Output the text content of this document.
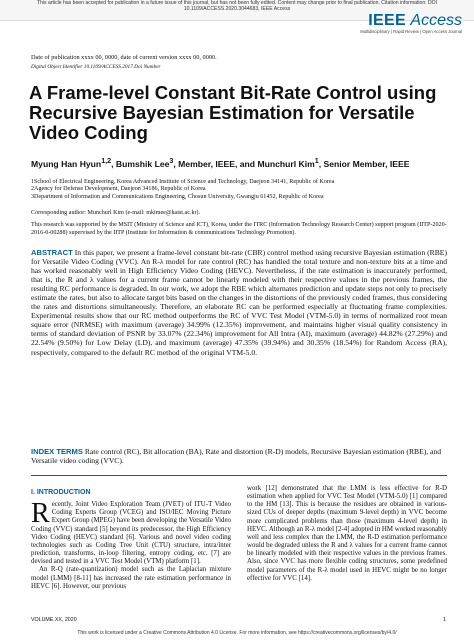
This article has been accepted for publication in a future issue of this journal, but has not been fully edited. Content may change prior to final publication. Citation information: DOI
10.1109/ACCESS.2020.3044683, IEEE Access
IEEE Access
Multidisciplinary | Rapid Review | Open Access Journal
Date of publication xxxx 00, 0000, date of current version xxxx 00, 0000.
Digital Object Identifier 10.1109/ACCESS.2017.Doi Number
A Frame-level Constant Bit-Rate Control using Recursive Bayesian Estimation for Versatile Video Coding
Myung Han Hyun$^{1,2}$, Bumshik Lee$^3$, Member, IEEE, and Munchurl Kim$^1$, Senior Member, IEEE
1School of Electrical Engineering, Korea Advanced Institute of Science and Technology, Daejeon 34141, Republic of Korea
2Agency for Defense Development, Daejeon 34186, Republic of Korea
3Department of Information and Communications Engineering, Chosun University, Gwangju 61452, Republic of Korea
Corresponding author: Munchurl Kim (e-mail: mkimee@kaist.ac.kr).
This research was supported by the MSIT (Ministry of Science and ICT), Korea, under the ITRC (Information Technology Research Center) support program (IITP-2020-2016-0-00288) supervised by the IITP (Institute for Information & communications Technology Promotion).
ABSTRACT In this paper, we present a frame-level constant bit-rate (CBR) control method using recursive Bayesian estimation (RBE) for Versatile Video Coding (VVC). An R-λ model for rate control (RC) has handled the total texture and non-texture bits at a time and has worked reasonably well in High Efficiency Video Coding (HEVC). Nevertheless, if the rate estimation is inaccurately performed, that is, the R and λ values for a current frame cannot be linearly modeled with their respective values in the previous frames, the resulting RC performance is degraded. In our work, we adopt the RBE which alternates prediction and update steps not only to precisely estimate the rates, but also to allocate target bits based on the changes in the distortions of the previously coded frames, thus considering the rates and distortions simultaneously. Therefore, an elaborate RC can be performed especially at fluctuating frame complexities. Experimental results show that our RC method outperforms the RC of VVC Test Model (VTM-5.0) in terms of normalized root mean square error (NRMSE) with maximum (average) 34.99% (12.35%) improvement, and maintains higher visual quality consistency in terms of standard deviation of PSNR by 33.07% (22.34%) improvement for All Intra (AI), maximum (average) 44.82% (27.29%) and 22.54% (9.50%) for Low Delay (LD), and maximum (average) 47.35% (39.94%) and 30.35% (18.54%) for Random Access (RA), respectively, compared to the default RC method of the original VTM-5.0.
INDEX TERMS Rate control (RC), Bit allocation (BA), Rate and distortion (R-D) models, Recursive Bayesian estimation (RBE), and Versatile video coding (VVC).
I. INTRODUCTION
R ecently, Joint Video Exploration Team (JVET) of ITU-T Video Coding Experts Group (VCEG) and ISO/IEC Moving Picture Expert Group (MPEG) have been developing the Versatile Video Coding (VVC) standard [5] beyond its predecessor, the High Efficiency Video Coding (HEVC) standard [6]. Various and novel video coding technologies such as Coding Tree Unit (CTU) structure, intra/inter prediction, transforms, in-loop filtering, entropy coding, etc. [7] are devised and tested in a VVC Test Model (VTM) platform [1].
An R-Q (rate-quantization) model such as the Laplacian mixture model (LMM) [8-11] has increased the rate estimation performance in HEVC [6]. However, our previous
work [12] demonstrated that the LMM is less effective for R-D estimation when applied for VVC Test Model (VTM-5.0) [1] compared to the HM [13]. This is because the residues are obtained in various-sized CUs of deeper depths (maximum 9-level depth) in VVC become more complicated problems than those (maximum 4-level depth) in HEVC. Although an R-λ model [2-4] adopted in HM worked reasonably well and less complex than the LMM, the R-D estimation performance would be degraded unless the R and λ values for a current frame cannot be linearly modeled with their respective values in the previous frames. Also, since VVC has more flexible coding structures, some predefined model parameters of the R-λ model used in HEVC might be no longer effective for VVC [14].
VOLUME XX, 2020	1
This work is licensed under a Creative Commons Attribution 4.0 License. For more information, see https://creativecommons.org/licenses/by/4.0/
